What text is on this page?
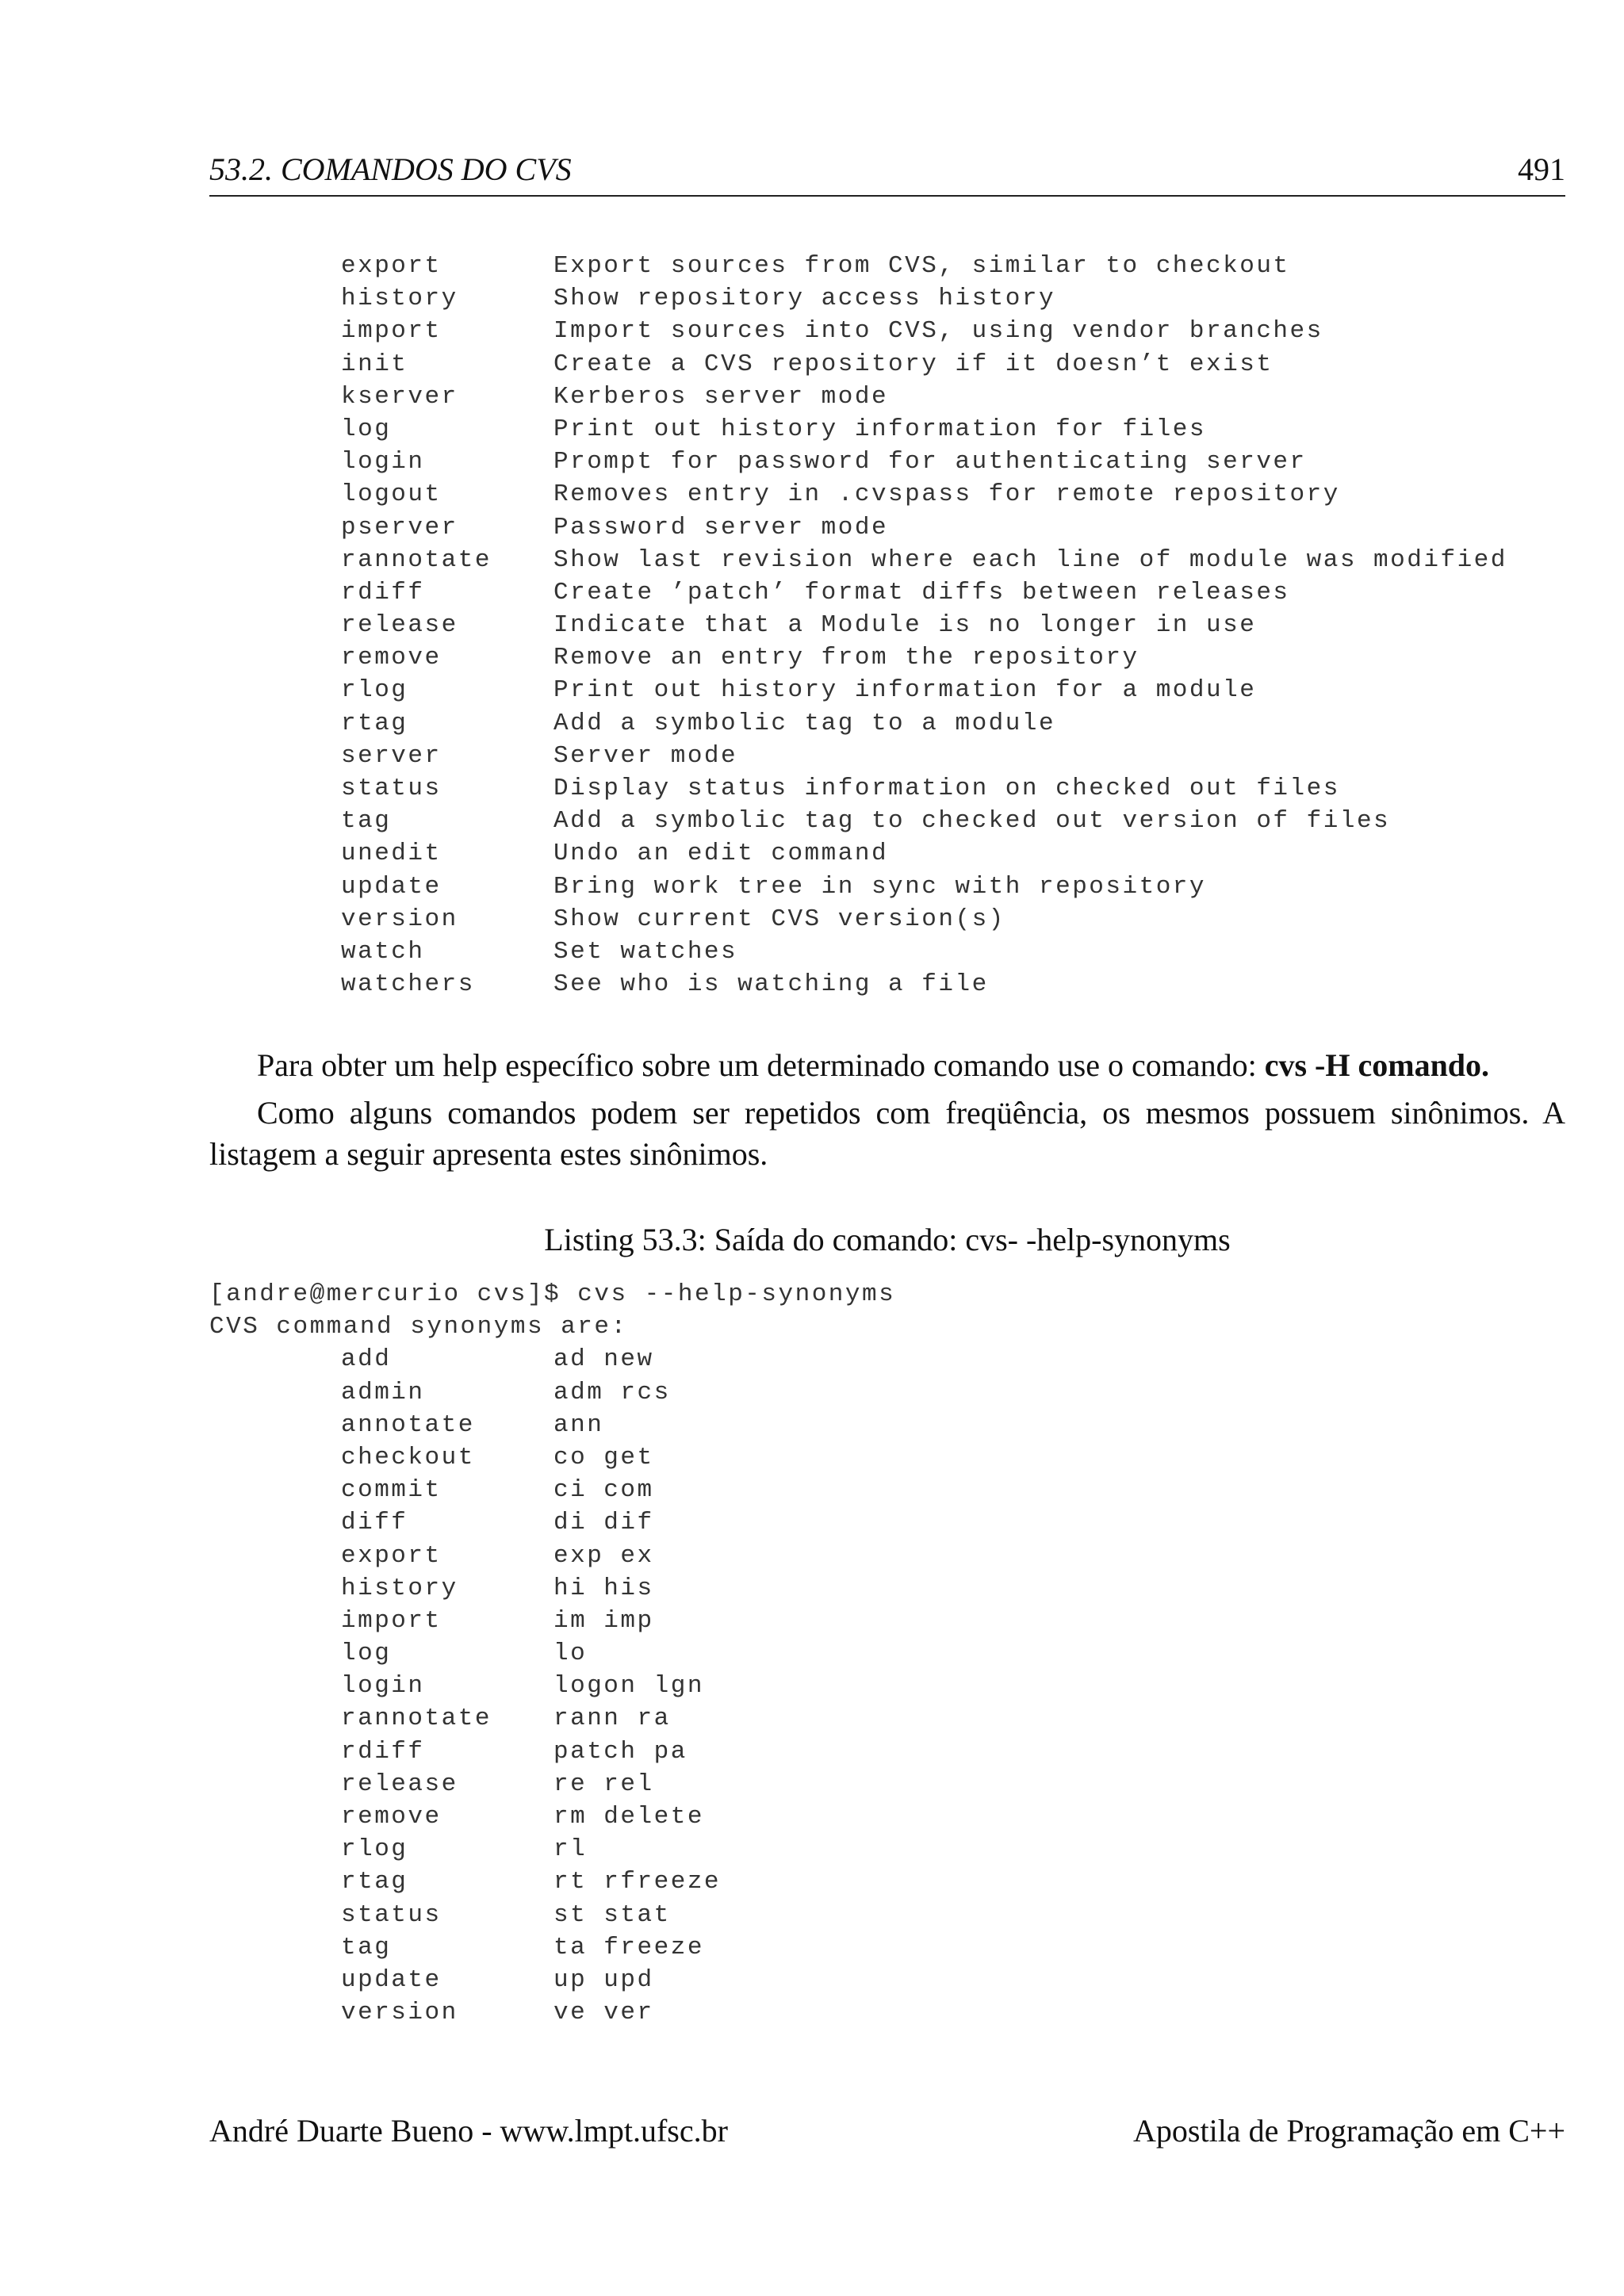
53.2. COMANDOS DO CVS	491
export	Export sources from CVS, similar to checkout
history	Show repository access history
import	Import sources into CVS, using vendor branches
init	Create a CVS repository if it doesn’t exist
kserver	Kerberos server mode
log	Print out history information for files
login	Prompt for password for authenticating server
logout	Removes entry in .cvspass for remote repository
pserver	Password server mode
rannotate	Show last revision where each line of module was modified
rdiff	Create ’patch’ format diffs between releases
release	Indicate that a Module is no longer in use
remove	Remove an entry from the repository
rlog	Print out history information for a module
rtag	Add a symbolic tag to a module
server	Server mode
status	Display status information on checked out files
tag	Add a symbolic tag to checked out version of files
unedit	Undo an edit command
update	Bring work tree in sync with repository
version	Show current CVS version(s)
watch	Set watches
watchers	See who is watching a file
Para obter um help específico sobre um determinado comando use o comando: cvs -H comando.
Como alguns comandos podem ser repetidos com freqüência, os mesmos possuem sinônimos. A listagem a seguir apresenta estes sinônimos.
Listing 53.3: Saída do comando: cvs- -help-synonyms
[andre@mercurio cvs]$ cvs --help-synonyms
CVS command synonyms are:
add	ad new
admin	adm rcs
annotate	ann
checkout	co get
commit	ci com
diff	di dif
export	exp ex
history	hi his
import	im imp
log	lo
login	logon lgn
rannotate	rann ra
rdiff	patch pa
release	re rel
remove	rm delete
rlog	rl
rtag	rt rfreeze
status	st stat
tag	ta freeze
update	up upd
version	ve ver
André Duarte Bueno - www.lmpt.ufsc.br	Apostila de Programação em C++
